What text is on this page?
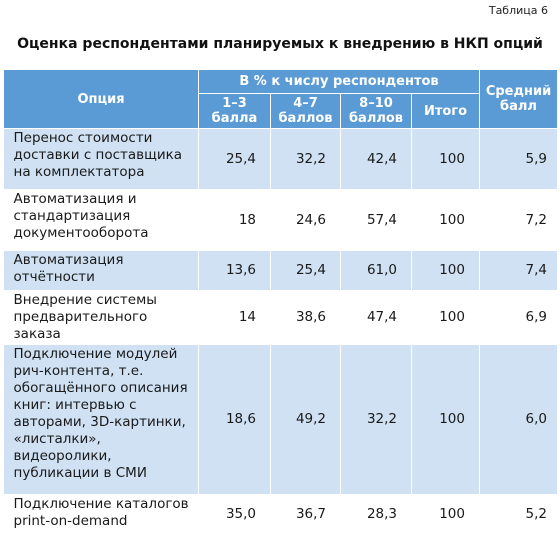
Таблица 6
Оценка респондентами планируемых к внедрению в НКП опций
Опция	В % к числу респондентов				Средний балл
	1–3 балла	4–7 баллов	8–10 баллов	Итого	
Перенос стоимости доставки с поставщика на комплектатора	25,4	32,2	42,4	100	5,9
Автоматизация и стандартизация документооборота	18	24,6	57,4	100	7,2
Автоматизация отчётности	13,6	25,4	61,0	100	7,4
Внедрение системы предварительного заказа	14	38,6	47,4	100	6,9
Подключение модулей рич-контента, т.е. обогащённого описания книг: интервью с авторами, 3D-картинки, «листалки», видеоролики, публикации в СМИ	18,6	49,2	32,2	100	6,0
Подключение каталогов print-on-demand	35,0	36,7	28,3	100	5,2
